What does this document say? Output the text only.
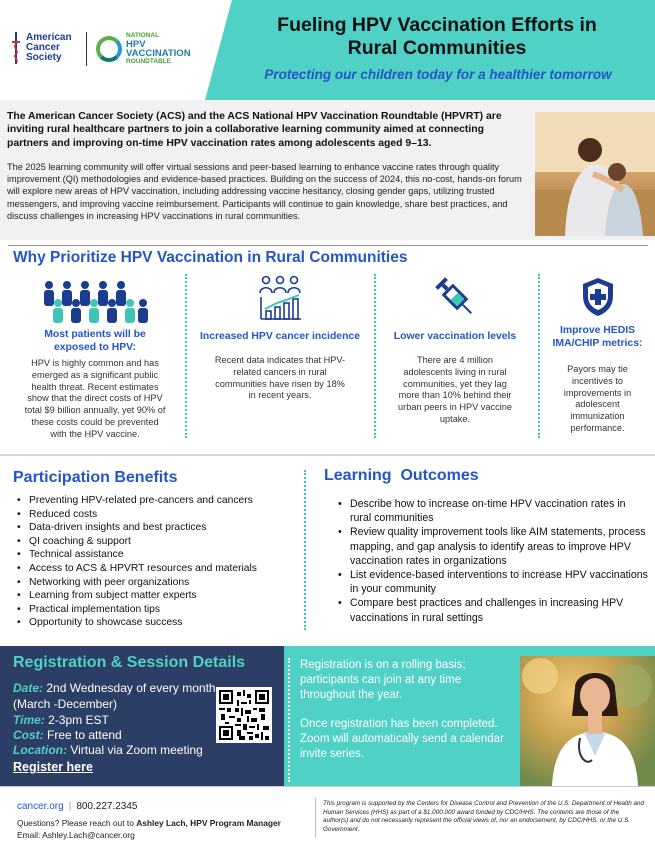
American Cancer Society
NATIONAL
HPV
VACCINATION
ROUNDTABLE
Fueling HPV Vaccination Efforts in
Rural Communities
Protecting our children today for a healthier tomorrow
The American Cancer Society (ACS) and the ACS National HPV Vaccination Roundtable (HPVRT) are inviting rural healthcare partners to join a collaborative learning community aimed at connecting partners and improving on-time HPV vaccination rates among adolescents aged 9–13.
The 2025 learning community will offer virtual sessions and peer-based learning to enhance vaccine rates through quality improvement (QI) methodologies and evidence-based practices. Building on the success of 2024, this no-cost, hands-on forum will explore new areas of HPV vaccination, including addressing vaccine hesitancy, closing gender gaps, utilizing trusted messengers, and improving vaccine reimbursement. Participants will continue to gain knowledge, share best practices, and discuss challenges in increasing HPV vaccinations in rural communities.
Why Prioritize HPV Vaccination in Rural Communities
Most patients will be exposed to HPV:
HPV is highly common and has emerged as a significant public health threat. Recent estimates show that the direct costs of HPV total $9 billion annually, yet 90% of these costs could be prevented with the HPV vaccine.
Increased HPV cancer incidence
Recent data indicates that HPV-related cancers in rural communities have risen by 18% in recent years.
Lower vaccination levels
There are 4 million adolescents living in rural communities, yet they lag more than 10% behind their urban peers in HPV vaccine uptake.
Improve HEDIS IMA/CHIP metrics:
Payors may tie incentives to improvements in adolescent immunization performance.
Participation Benefits
• Preventing HPV-related pre-cancers and cancers
• Reduced costs
• Data-driven insights and best practices
• QI coaching & support
• Technical assistance
• Access to ACS & HPVRT resources and materials
• Networking with peer organizations
• Learning from subject matter experts
• Practical implementation tips
• Opportunity to showcase success
Learning  Outcomes
• Describe how to increase on-time HPV vaccination rates in rural communities
• Review quality improvement tools like AIM statements, process mapping, and gap analysis to identify areas to improve HPV vaccination rates in organizations
• List evidence-based interventions to increase HPV vaccinations in your community
• Compare best practices and challenges in increasing HPV vaccinations in rural settings
Registration & Session Details
Date: 2nd Wednesday of every month (March -December)
Time: 2-3pm EST
Cost: Free to attend
Location: Virtual via Zoom meeting
Register here

Registration is on a rolling basis; participants can join at any time throughout the year.

Once registration has been completed. Zoom will automatically send a calendar invite series.

cancer.org | 800.227.2345
Questions? Please reach out to Ashley Lach, HPV Program Manager
Email: Ashley.Lach@cancer.org
This program is supported by the Centers for Disease Control and Prevention of the U.S. Department of Health and Human Services (HHS) as part of a $1,000,000 award funded by CDC/HHS. The contents are those of the author(s) and do not necessarily represent the official views of, nor an endorsement, by CDC/HHS, or the U.S. Government.
